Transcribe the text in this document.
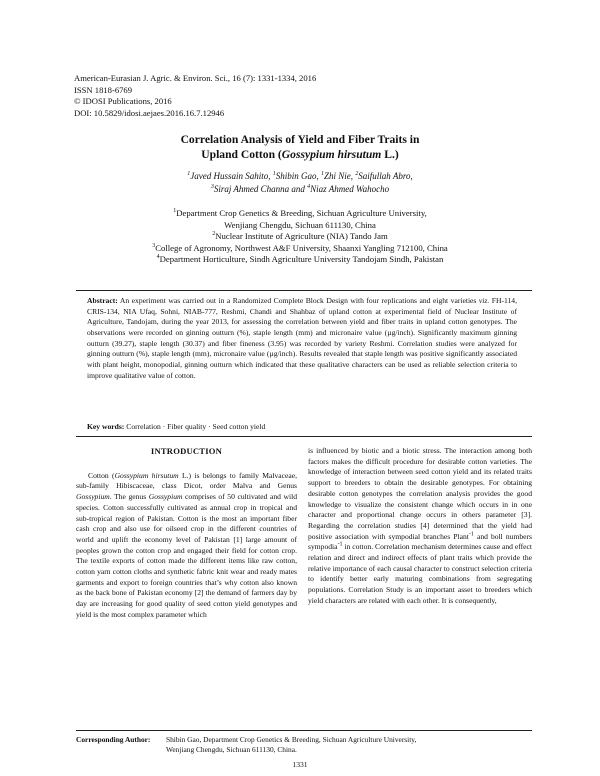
American-Eurasian J. Agric. & Environ. Sci., 16 (7): 1331-1334, 2016
ISSN 1818-6769
© IDOSI Publications, 2016
DOI: 10.5829/idosi.aejaes.2016.16.7.12946
Correlation Analysis of Yield and Fiber Traits in
Upland Cotton (Gossypium hirsutum L.)
$^1$Javed Hussain Sahito, $^1$Shibin Gao, $^1$Zhi Nie, $^2$Saifullah Abro,
$^3$Siraj Ahmed Channa and $^4$Niaz Ahmed Wahocho
$^1$Department Crop Genetics & Breeding, Sichuan Agriculture University,
Wenjiang Chengdu, Sichuan 611130, China
$^2$Nuclear Institute of Agriculture (NIA) Tando Jam
$^3$College of Agronomy, Northwest A&F University, Shaanxi Yangling 712100, China
$^4$Department Horticulture, Sindh Agriculture University Tandojam Sindh, Pakistan
Abstract: An experiment was carried out in a Randomized Complete Block Design with four replications and eight varieties viz. FH-114, CRIS-134, NIA Ufaq, Sohni, NIAB-777, Reshmi, Chandi and Shahbaz of upland cotton at experimental field of Nuclear Institute of Agriculture, Tandojam, during the year 2013, for assessing the correlation between yield and fiber traits in upland cotton genotypes. The observations were recorded on ginning outturn (%), staple length (mm) and micronaire value (µg/inch). Significantly maximum ginning outturn (39.27), staple length (30.37) and fiber fineness (3.95) was recorded by variety Reshmi. Correlation studies were analyzed for ginning outturn (%), staple length (mm), micronaire value (µg/inch). Results revealed that staple length was positive significantly associated with plant height, monopodial, ginning outturn which indicated that these qualitative characters can be used as reliable selection criteria to improve qualitative value of cotton.
Key words: Correlation · Fiber quality · Seed cotton yield

INTRODUCTION

Cotton (Gossypium hirsutum L.) is belongs to family Malvaceae, sub-family Hibiscaceae, class Dicot, order Malva and Genus Gossypium. The genus Gossypium comprises of 50 cultivated and wild species. Cotton successfully cultivated as annual crop in tropical and sub-tropical region of Pakistan. Cotton is the most an important fiber cash crop and also use for oilseed crop in the different countries of world and uplift the economy level of Pakistan [1] large amount of peoples grown the cotton crop and engaged their field for cotton crop. The textile exports of cotton made the different items like raw cotton, cotton yarn cotton cloths and synthetic fabric knit wear and ready mates garments and export to foreign countries that’s why cotton also known as the back bone of Pakistan economy [2] the demand of farmers day by day are increasing for good quality of seed cotton yield genotypes and yield is the most complex parameter which

is influenced by biotic and a biotic stress. The interaction among both factors makes the difficult procedure for desirable cotton varieties. The knowledge of interaction between seed cotton yield and its related traits support to breeders to obtain the desirable genotypes. For obtaining desirable cotton genotypes the correlation analysis provides the good knowledge to visualize the consistent change which occurs in in one character and proportional change occurs in others parameter [3]. Regarding the correlation studies [4] determined that the yield had positive association with sympodial branches Plant$^{-1}$ and boll numbers sympodia$^{-1}$ in cotton. Correlation mechanism determines cause and effect relation and direct and indirect effects of plant traits which provide the relative importance of each causal character to construct selection criteria to identify better early maturing combinations from segregating populations. Correlation Study is an important asset to breeders which yield characters are related with each other. It is consequently,

Corresponding Author: Shibin Gao, Department Crop Genetics & Breeding, Sichuan Agriculture University,
Wenjiang Chengdu, Sichuan 611130, China.
1331
